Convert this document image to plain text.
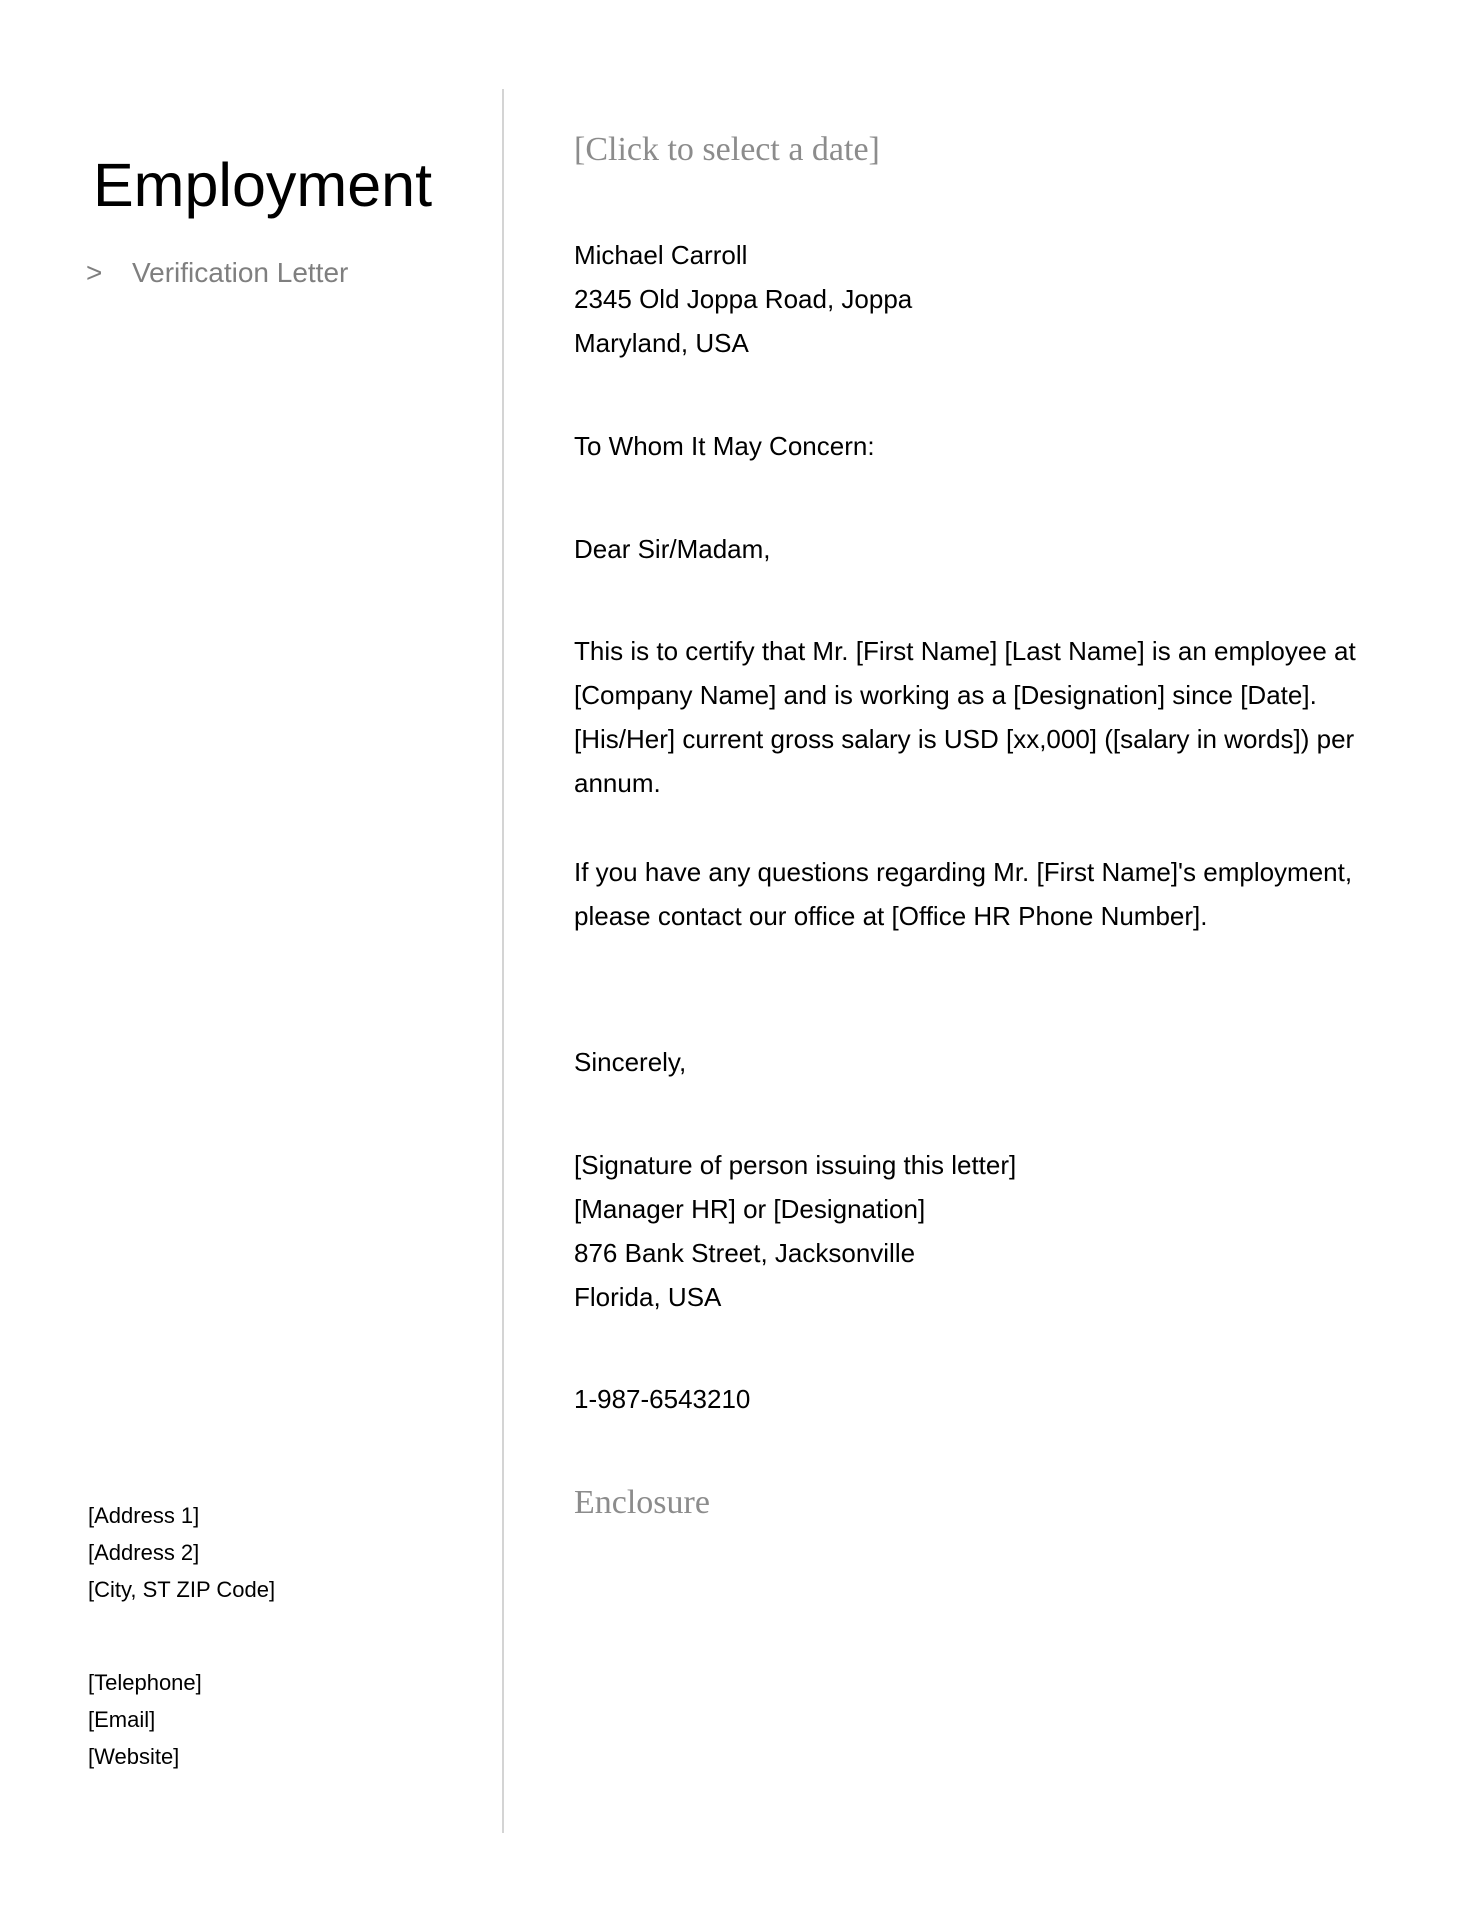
Employment
> Verification Letter
[Address 1]
[Address 2]
[City, ST ZIP Code]
[Telephone]
[Email]
[Website]
[Click to select a date]
Michael Carroll
2345 Old Joppa Road, Joppa
Maryland, USA
To Whom It May Concern:
Dear Sir/Madam,
This is to certify that Mr. [First Name] [Last Name] is an employee at
[Company Name] and is working as a [Designation] since [Date].
[His/Her] current gross salary is USD [xx,000] ([salary in words]) per
annum.
If you have any questions regarding Mr. [First Name]'s employment,
please contact our office at [Office HR Phone Number].
Sincerely,
[Signature of person issuing this letter]
[Manager HR] or [Designation]
876 Bank Street, Jacksonville
Florida, USA
1-987-6543210
Enclosure
